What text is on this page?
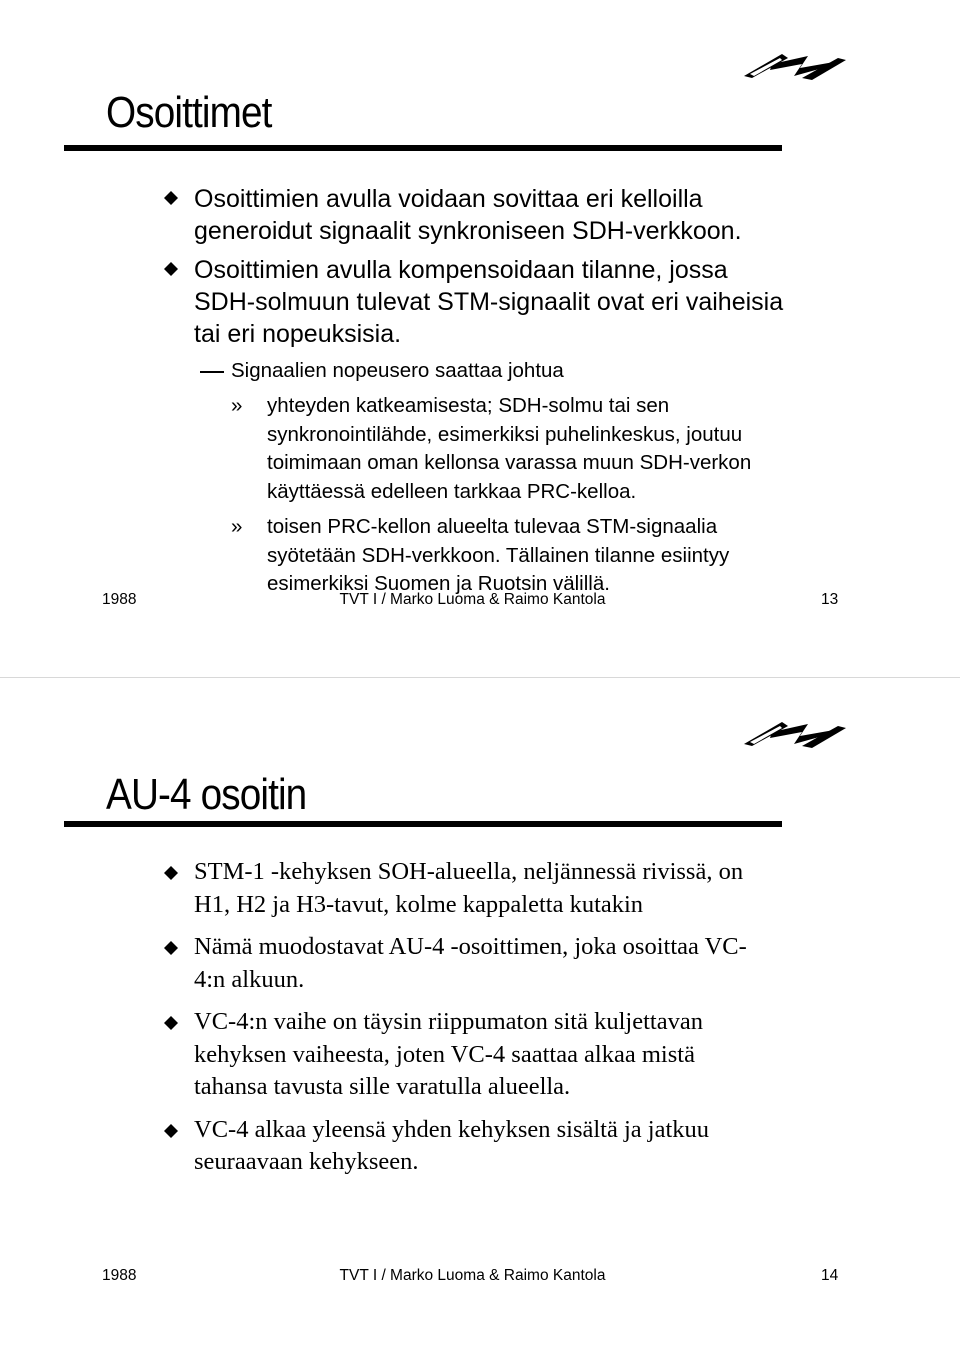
Osoittimet
Osoittimien avulla voidaan sovittaa eri kelloilla
generoidut signaalit synkroniseen SDH-verkkoon.
Osoittimien avulla kompensoidaan tilanne, jossa
SDH-solmuun tulevat STM-signaalit ovat eri vaiheisia
tai eri nopeuksisia.
Signaalien nopeusero saattaa johtua
» yhteyden katkeamisesta; SDH-solmu tai sen
synkronointilähde, esimerkiksi puhelinkeskus, joutuu
toimimaan oman kellonsa varassa muun SDH-verkon
käyttäessä edelleen tarkkaa PRC-kelloa.
» toisen PRC-kellon alueelta tulevaa STM-signaalia
syötetään SDH-verkkoon. Tällainen tilanne esiintyy
esimerkiksi Suomen ja Ruotsin välillä.
1988	TVT I / Marko Luoma & Raimo Kantola	13
AU-4 osoitin
STM-1 -kehyksen SOH-alueella, neljännessä rivissä, on
H1, H2 ja H3-tavut, kolme kappaletta kutakin
Nämä muodostavat AU-4 -osoittimen, joka osoittaa VC-
4:n alkuun.
VC-4:n vaihe on täysin riippumaton sitä kuljettavan
kehyksen vaiheesta, joten VC-4 saattaa alkaa mistä
tahansa tavusta sille varatulla alueella.
VC-4 alkaa yleensä yhden kehyksen sisältä ja jatkuu
seuraavaan kehykseen.
1988	TVT I / Marko Luoma & Raimo Kantola	14
